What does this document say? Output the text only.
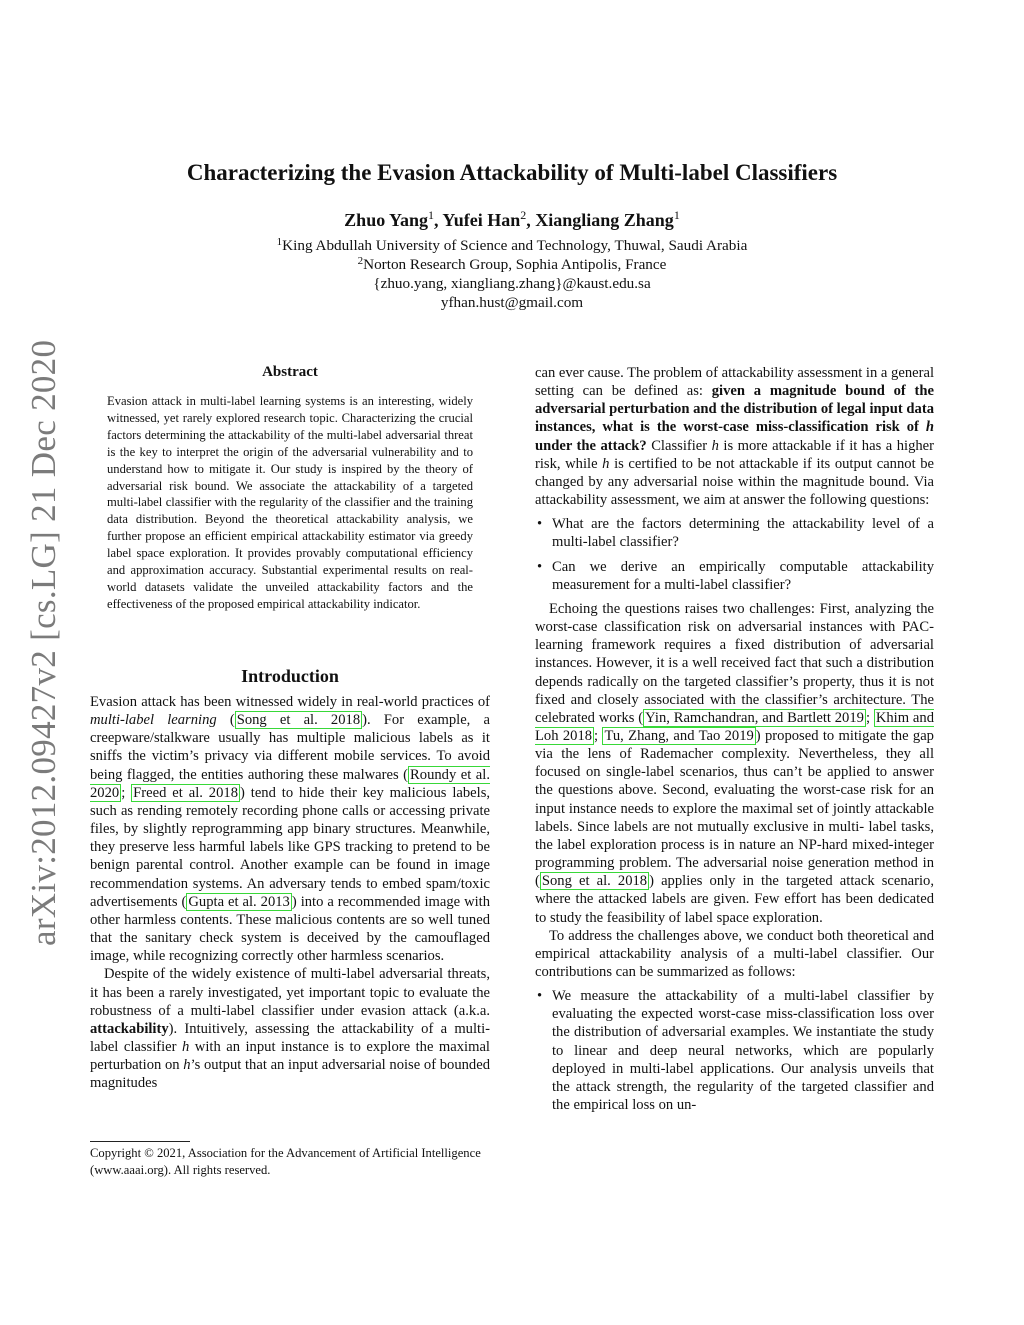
arXiv:2012.09427v2 [cs.LG] 21 Dec 2020
Characterizing the Evasion Attackability of Multi-label Classifiers
Zhuo Yang$^1$, Yufei Han$^2$, Xiangliang Zhang$^1$
$^1$King Abdullah University of Science and Technology, Thuwal, Saudi Arabia
$^2$Norton Research Group, Sophia Antipolis, France
{zhuo.yang, xiangliang.zhang}@kaust.edu.sa
yfhan.hust@gmail.com
Abstract

Evasion attack in multi-label learning systems is an interesting, widely witnessed, yet rarely explored research topic. Characterizing the crucial factors determining the attackability of the multi-label adversarial threat is the key to interpret the origin of the adversarial vulnerability and to understand how to mitigate it. Our study is inspired by the theory of adversarial risk bound. We associate the attackability of a targeted multi-label classifier with the regularity of the classifier and the training data distribution. Beyond the theoretical attackability analysis, we further propose an efficient empirical attackability estimator via greedy label space exploration. It provides provably computational efficiency and approximation accuracy. Substantial experimental results on real-world datasets validate the unveiled attackability factors and the effectiveness of the proposed empirical attackability indicator.

Introduction

Evasion attack has been witnessed widely in real-world practices of multi-label learning ( Song et al. 2018 ). For example, a creepware/stalkware usually has multiple malicious labels as it sniffs the victim’s privacy via different mobile services. To avoid being flagged, the entities authoring these malwares ( Roundy et al. 2020 ; Freed et al. 2018 ) tend to hide their key malicious labels, such as rending remotely recording phone calls or accessing private files, by slightly reprogramming app binary structures. Meanwhile, they preserve less harmful labels like GPS tracking to pretend to be benign parental control. Another example can be found in image recommendation systems. An adversary tends to embed spam/toxic advertisements ( Gupta et al. 2013 ) into a recommended image with other harmless contents. These malicious contents are so well tuned that the sanitary check system is deceived by the camouflaged image, while recognizing correctly other harmless scenarios.

Despite of the widely existence of multi-label adversarial threats, it has been a rarely investigated, yet important topic to evaluate the robustness of a multi-label classifier under evasion attack (a.k.a. attackability). Intuitively, assessing the attackability of a multi-label classifier h with an input instance is to explore the maximal perturbation on h’s output that an input adversarial noise of bounded magnitudes

Copyright © 2021, Association for the Advancement of Artificial Intelligence (www.aaai.org). All rights reserved.

can ever cause. The problem of attackability assessment in a general setting can be defined as: given a magnitude bound of the adversarial perturbation and the distribution of legal input data instances, what is the worst-case miss-classification risk of h under the attack? Classifier h is more attackable if it has a higher risk, while h is certified to be not attackable if its output cannot be changed by any adversarial noise within the magnitude bound. Via attackability assessment, we aim at answer the following questions:

• What are the factors determining the attackability level of a multi-label classifier?
• Can we derive an empirically computable attackability measurement for a multi-label classifier?

Echoing the questions raises two challenges: First, analyzing the worst-case classification risk on adversarial instances with PAC-learning framework requires a fixed distribution of adversarial instances. However, it is a well received fact that such a distribution depends radically on the targeted classifier’s property, thus it is not fixed and closely associated with the classifier’s architecture. The celebrated works ( Yin, Ramchandran, and Bartlett 2019 ; Khim and Loh 2018 ; Tu, Zhang, and Tao 2019 ) proposed to mitigate the gap via the lens of Rademacher complexity. Nevertheless, they all focused on single-label scenarios, thus can’t be applied to answer the questions above. Second, evaluating the worst-case risk for an input instance needs to explore the maximal set of jointly attackable labels. Since labels are not mutually exclusive in multi- label tasks, the label exploration process is in nature an NP-hard mixed-integer programming problem. The adversarial noise generation method in ( Song et al. 2018 ) applies only in the targeted attack scenario, where the attacked labels are given. Few effort has been dedicated to study the feasibility of label space exploration.

To address the challenges above, we conduct both theoretical and empirical attackability analysis of a multi-label classifier. Our contributions can be summarized as follows:

• We measure the attackability of a multi-label classifier by evaluating the expected worst-case miss-classification loss over the distribution of adversarial examples. We instantiate the study to linear and deep neural networks, which are popularly deployed in multi-label applications. Our analysis unveils that the attack strength, the regularity of the targeted classifier and the empirical loss on un-
